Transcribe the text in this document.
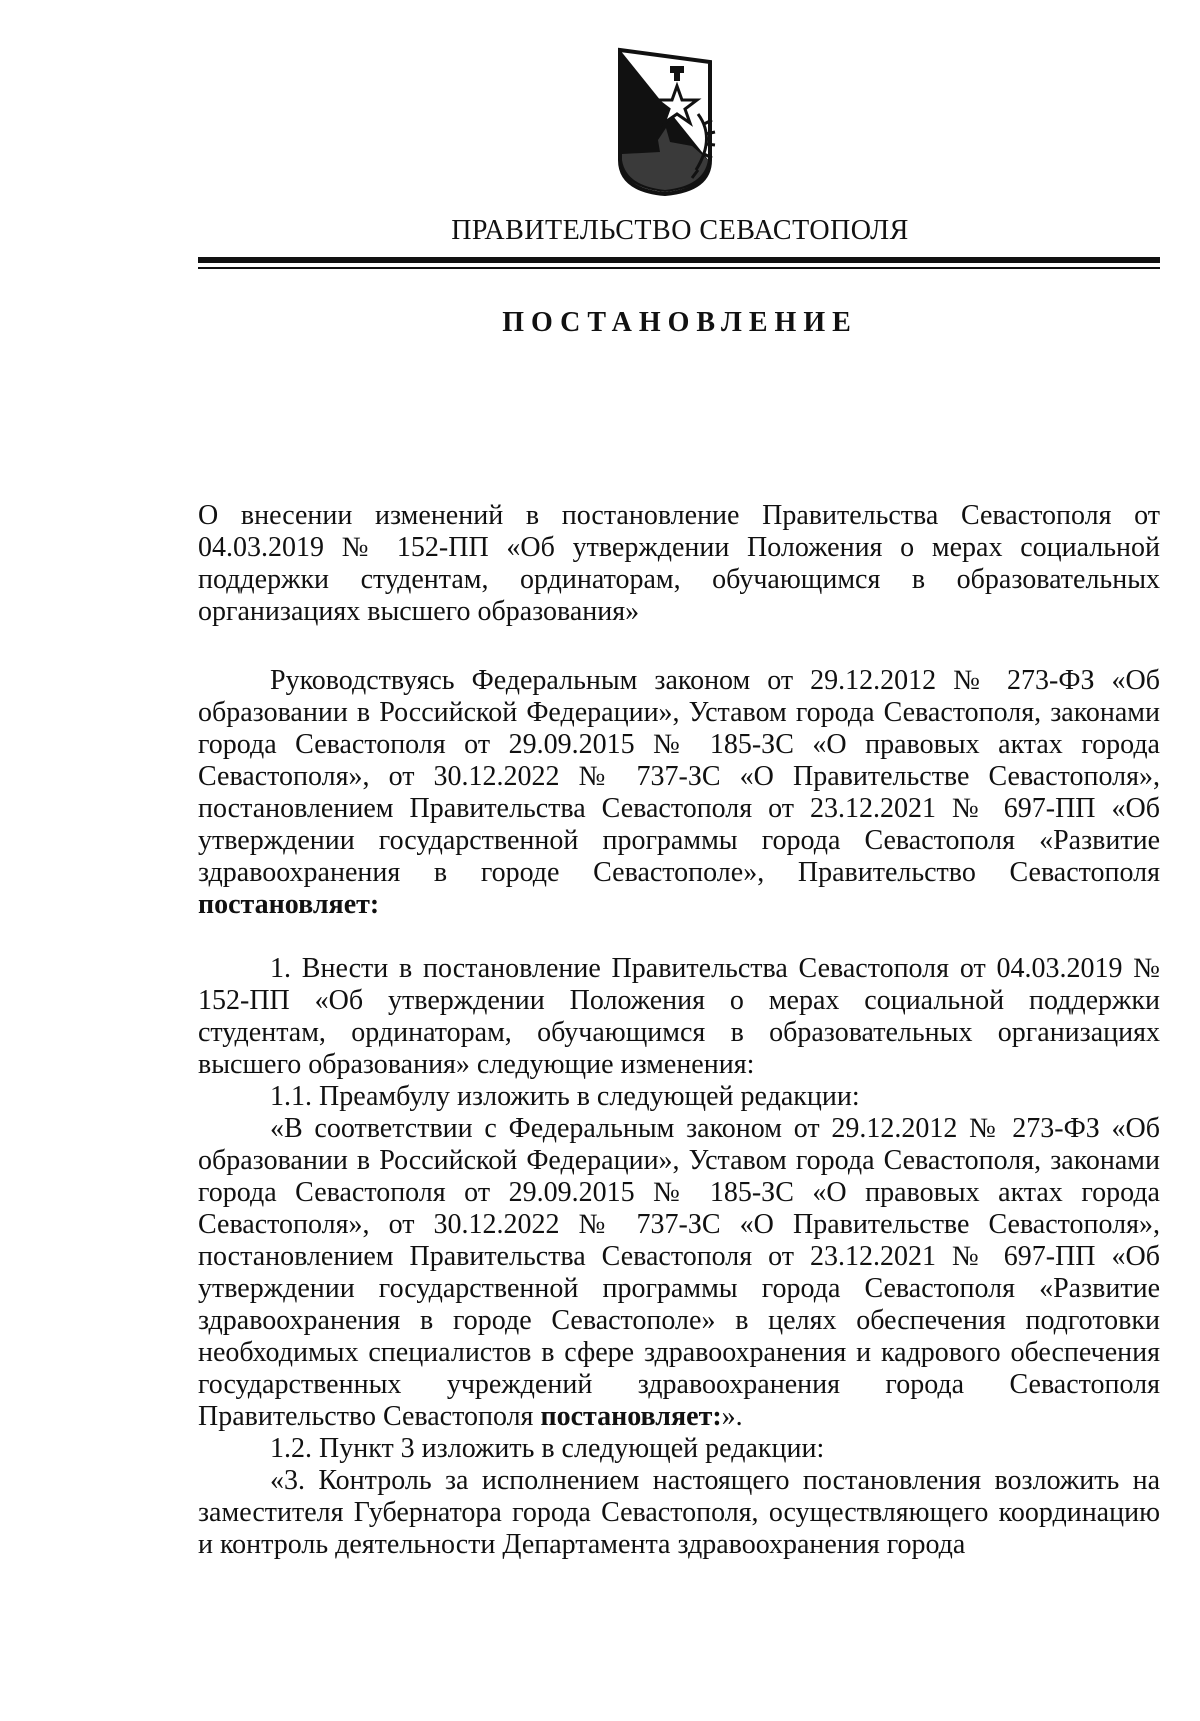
ПРАВИТЕЛЬСТВО СЕВАСТОПОЛЯ
ПОСТАНОВЛЕНИЕ
О внесении изменений в постановление Правительства Севастополя от 04.03.2019 № 152-ПП «Об утверждении Положения о мерах социальной поддержки студентам, ординаторам, обучающимся в образовательных организациях высшего образования»

Руководствуясь Федеральным законом от 29.12.2012 № 273-ФЗ «Об образовании в Российской Федерации», Уставом города Севастополя, законами города Севастополя от 29.09.2015 № 185-ЗС «О правовых актах города Севастополя», от 30.12.2022 № 737-ЗС «О Правительстве Севастополя», постановлением Правительства Севастополя от 23.12.2021 № 697-ПП «Об утверждении государственной программы города Севастополя «Развитие здравоохранения в городе Севастополе», Правительство Севастополя постановляет:

1. Внести в постановление Правительства Севастополя от 04.03.2019 № 152-ПП «Об утверждении Положения о мерах социальной поддержки студентам, ординаторам, обучающимся в образовательных организациях высшего образования» следующие изменения:

1.1. Преамбулу изложить в следующей редакции:

«В соответствии с Федеральным законом от 29.12.2012 № 273-ФЗ «Об образовании в Российской Федерации», Уставом города Севастополя, законами города Севастополя от 29.09.2015 № 185-ЗС «О правовых актах города Севастополя», от 30.12.2022 № 737-ЗС «О Правительстве Севастополя», постановлением Правительства Севастополя от 23.12.2021 № 697-ПП «Об утверждении государственной программы города Севастополя «Развитие здравоохранения в городе Севастополе» в целях обеспечения подготовки необходимых специалистов в сфере здравоохранения и кадрового обеспечения государственных учреждений здравоохранения города Севастополя Правительство Севастополя постановляет:».

1.2. Пункт 3 изложить в следующей редакции:

«3. Контроль за исполнением настоящего постановления возложить на заместителя Губернатора города Севастополя, осуществляющего координацию и контроль деятельности Департамента здравоохранения города
